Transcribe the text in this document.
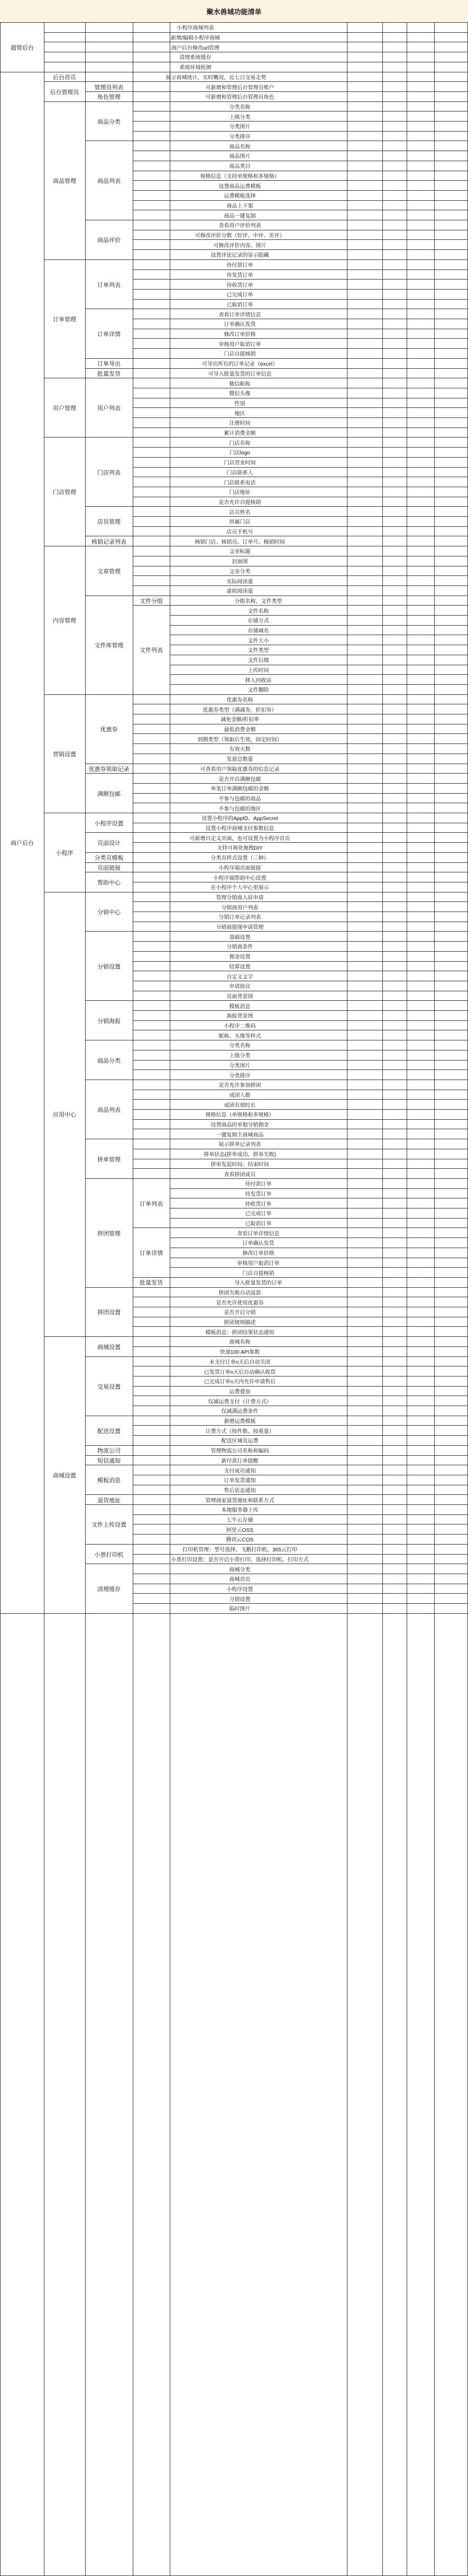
聚水兽城功能清单
小程序商城列表
新增/编辑小程序商城
商户后台修改url管理
清理系统缓存
系统环境检测
超管后台
展示商城统计，实时概况，近七日交易走势
后台首页
可新增和管理后台管理员账户
管理员列表
可新增和管理后台管理员角色
角色管理
后台管理员
分类名称
上级分类
分类图片
分类排序
商品分类
商品名称
商品图片
商品类目
规格信息（支持单规格和多规格）
设置商品运费模板
运费模板选择
商品上下架
商品一键复制
商品列表
查看用户评价列表
可修改评价分数（好评、中评、差评）
可修改评价内容、图片
设置评论记录的显示隐藏
商品评价
商品管理
待付款订单
待发货订单
待收货订单
已完成订单
已取消订单
订单列表
查看订单详情信息
订单确认发货
修改订单价格
审核用户取消订单
门店自提核销
订单详情
可导出所有的订单记录（excel）
订单导出
可导入批量发货的订单信息
批量发货
订单管理
微信昵称
微信头像
性别
地区
注册时间
累计消费金额
用户列表
用户管理
门店名称
门店logo
门店营业时间
门店联系人
门店联系电话
门店地址
是否允许自提核销
门店列表
店员姓名
所属门店
店员手机号
店员管理
核销门店、核销员、订单号、核销时间
核销记录列表
门店管理
文章标题
封面图
文章分类
实际阅读量
虚拟阅读量
文章管理
分组名称，文件类型
文件分组
文件名称
存储方式
存储域名
文件大小
文件类型
文件后缀
上传时间
移入回收站
文件删除
文件列表
文件库管理
内容管理
优惠券名称
优惠券类型（满减券，折扣券）
减免金额/折扣率
最低消费金额
到期类型（领取后生效，固定时间）
有效天数
发放总数量
优惠券
可查看用户领取优惠券的信息记录
优惠券领取记录
是否开启满额包邮
单笔订单满额包邮的金额
不参与包邮的商品
不参与包邮的地区
满额包邮
营销设置
设置小程序的AppID、AppSecret
设置小程序商城支付参数信息
小程序设置
可新增自定义页面，也可设置为小程序首页
支持可视化拖拽DIY
页面设计
分类页样式设置（三种）
分类页模板
小程序端页面链接
页面链接
小程序端帮助中心设置
在小程序个人中心里展示
帮助中心
小程序
管理分销商入驻申请
分销商用户列表
分销订单记录列表
分销商提现申请管理
分销中心
基础设置
分销商条件
佣金设置
结算设置
自定义文字
申请协议
页面背景图
分销设置
模板消息
海报背景图
小程序二维码
昵称、头像等样式
分销海报
分类名称
上级分类
分类图片
分类排序
商品分类
是否允许参加拼团
成团人数
成团有效时长
规格信息（单规格和多规格）
设置商品的单独分销佣金
一键复制主商城商品
商品列表
展示拼单记录列表
拼单状态(拼单成功、拼单失败)
拼单发起时间、结束时间
查看拼团成员
拼单管理
待付款订单
待发货订单
待收货订单
已完成订单
已取消订单
订单列表
查看订单详情信息
订单确认发货
修改订单价格
审核用户取消订单
门店自提核销
订单详情
导入批量发货的订单
批量发货
拼团管理
拼团失败自动退款
是否允许使用优惠券
是否开启分销
拼团规则描述
模板消息：拼团结果状态通知
拼团设置
应用中心
商城名称
快递100 API参数
商城设置
未支付订单n天后自动关闭
已发货订单n天后自动确认收货
已完成订单n天内允许申请售后
运费叠加
仅减运费支付（计费方式）
仅减满运费条件
交易设置
新增运费模板
计费方式（按件数、按重量）
配送区域及运费
配送设置
管理物流公司名称和编码
物流公司
新付款订单提醒
短信通知
支付成功通知
订单发货通知
售后状态通知
模板消息
管理商家退货地址和联系方式
退货地址
本地服务器上传
七牛云存储
阿里云OSS
腾讯云COS
文件上传设置
打印机管理：型号选择、飞鹅打印机、365云打印
小票打印设置：是否开启小票打印、选择打印机、打印方式
小票打印机
商城分类
商城首页
小程序设置
分销设置
临时图片
清理缓存
商城设置
商户后台
